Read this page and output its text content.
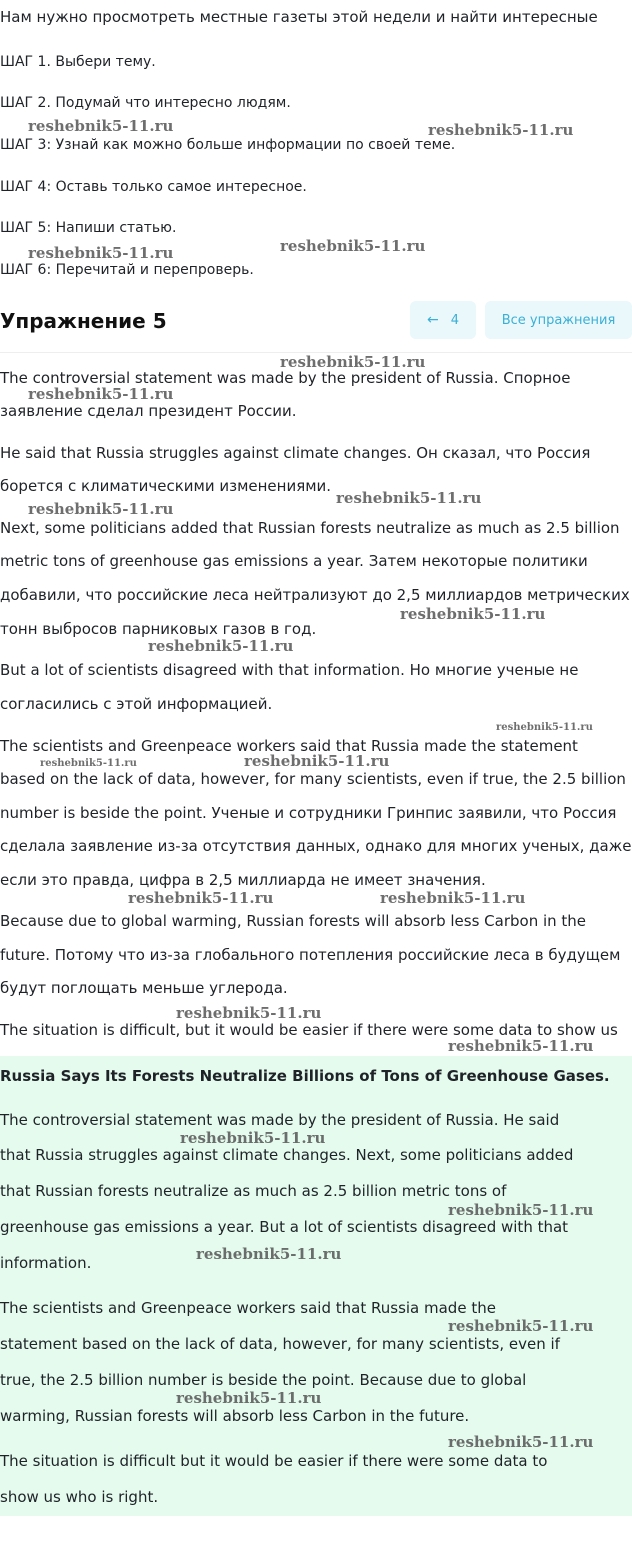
Нам нужно просмотреть местные газеты этой недели и найти интересные
ШАГ 1. Выбери тему.
ШАГ 2. Подумай что интересно людям.
ШАГ 3: Узнай как можно больше информации по своей теме.
ШАГ 4: Оставь только самое интересное.
ШАГ 5: Напиши статью.
ШАГ 6: Перечитай и перепроверь.
Упражнение 5	← 4	Все упражнения
The controversial statement was made by the president of Russia. Спорное
заявление сделал президент России.
He said that Russia struggles against climate changes. Он сказал, что Россия
борется с климатическими изменениями.
Next, some politicians added that Russian forests neutralize as much as 2.5 billion
metric tons of greenhouse gas emissions a year. Затем некоторые политики
добавили, что российские леса нейтрализуют до 2,5 миллиардов метрических
тонн выбросов парниковых газов в год.
But a lot of scientists disagreed with that information. Но многие ученые не
согласились с этой информацией.
The scientists and Greenpeace workers said that Russia made the statement
based on the lack of data, however, for many scientists, even if true, the 2.5 billion
number is beside the point. Ученые и сотрудники Гринпис заявили, что Россия
сделала заявление из-за отсутствия данных, однако для многих ученых, даже
если это правда, цифра в 2,5 миллиарда не имеет значения.
Because due to global warming, Russian forests will absorb less Carbon in the
future. Потому что из-за глобального потепления российские леса в будущем
будут поглощать меньше углерода.
The situation is difficult, but it would be easier if there were some data to show us
Russia Says Its Forests Neutralize Billions of Tons of Greenhouse Gases.
The controversial statement was made by the president of Russia. He said
that Russia struggles against climate changes. Next, some politicians added
that Russian forests neutralize as much as 2.5 billion metric tons of
greenhouse gas emissions a year. But a lot of scientists disagreed with that
information.
The scientists and Greenpeace workers said that Russia made the
statement based on the lack of data, however, for many scientists, even if
true, the 2.5 billion number is beside the point. Because due to global
warming, Russian forests will absorb less Carbon in the future.
The situation is difficult but it would be easier if there were some data to
show us who is right.
reshebnik5-11.ru	reshebnik5-11.ru
reshebnik5-11.ru	reshebnik5-11.ru
reshebnik5-11.ru
reshebnik5-11.ru
reshebnik5-11.ru
reshebnik5-11.ru
reshebnik5-11.ru
reshebnik5-11.ru
reshebnik5-11.ru
reshebnik5-11.ru	reshebnik5-11.ru
reshebnik5-11.ru	reshebnik5-11.ru
reshebnik5-11.ru
reshebnik5-11.ru
reshebnik5-11.ru
reshebnik5-11.ru
reshebnik5-11.ru
reshebnik5-11.ru
reshebnik5-11.ru
reshebnik5-11.ru
